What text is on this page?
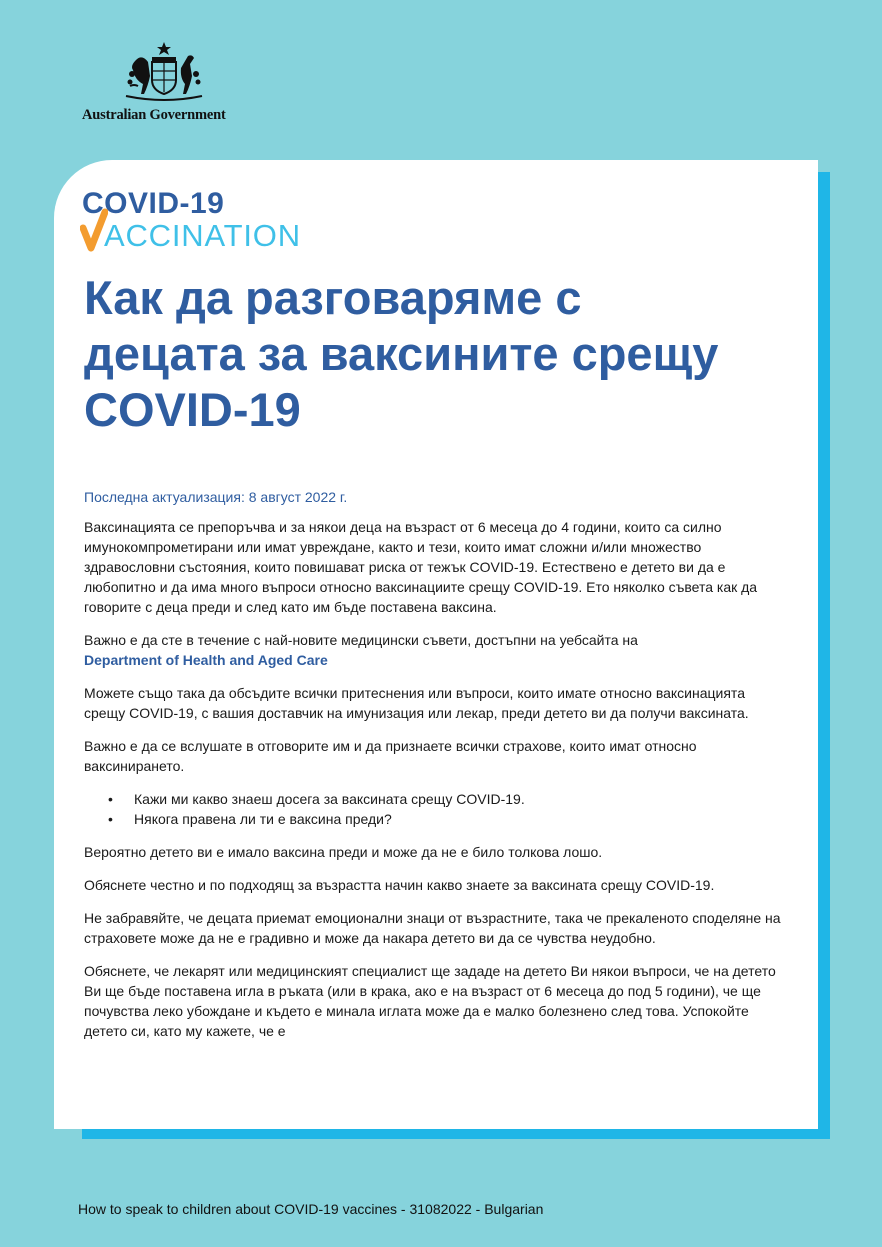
Australian Government
COVID-19
ACCINATION
Как да разговаряме с децата за ваксините срещу COVID-19

Последна актуализация: 8 август 2022 г.

Ваксинацията се препоръчва и за някои деца на възраст от 6 месеца до 4 години, които са силно имунокомпрометирани или имат увреждане, както и тези, които имат сложни и/или множество здравословни състояния, които повишават риска от тежък COVID-19. Естествено е детето ви да е любопитно и да има много въпроси относно ваксинациите срещу COVID-19. Ето няколко съвета как да говорите с деца преди и след като им бъде поставена ваксина.

Важно е да сте в течение с най-новите медицински съвети, достъпни на уебсайта на
Department of Health and Aged Care

Можете също така да обсъдите всички притеснения или въпроси, които имате относно ваксинацията срещу COVID-19, с вашия доставчик на имунизация или лекар, преди детето ви да получи ваксината.

Важно е да се вслушате в отговорите им и да признаете всички страхове, които имат относно ваксинирането.

• Кажи ми какво знаеш досега за ваксината срещу COVID-19.
• Някога правена ли ти е ваксина преди?

Вероятно детето ви е имало ваксина преди и може да не е било толкова лошо.

Обяснете честно и по подходящ за възрастта начин какво знаете за ваксината срещу COVID-19.

Не забравяйте, че децата приемат емоционални знаци от възрастните, така че прекаленото споделяне на страховете може да не е градивно и може да накара детето ви да се чувства неудобно.

Обяснете, че лекарят или медицинският специалист ще зададе на детето Ви някои въпроси, че на детето Ви ще бъде поставена игла в ръката (или в крака, ако е на възраст от 6 месеца до под 5 години), че ще почувства леко убождане и където е минала иглата може да е малко болезнено след това. Успокойте детето си, като му кажете, че е

How to speak to children about COVID-19 vaccines - 31082022 - Bulgarian
